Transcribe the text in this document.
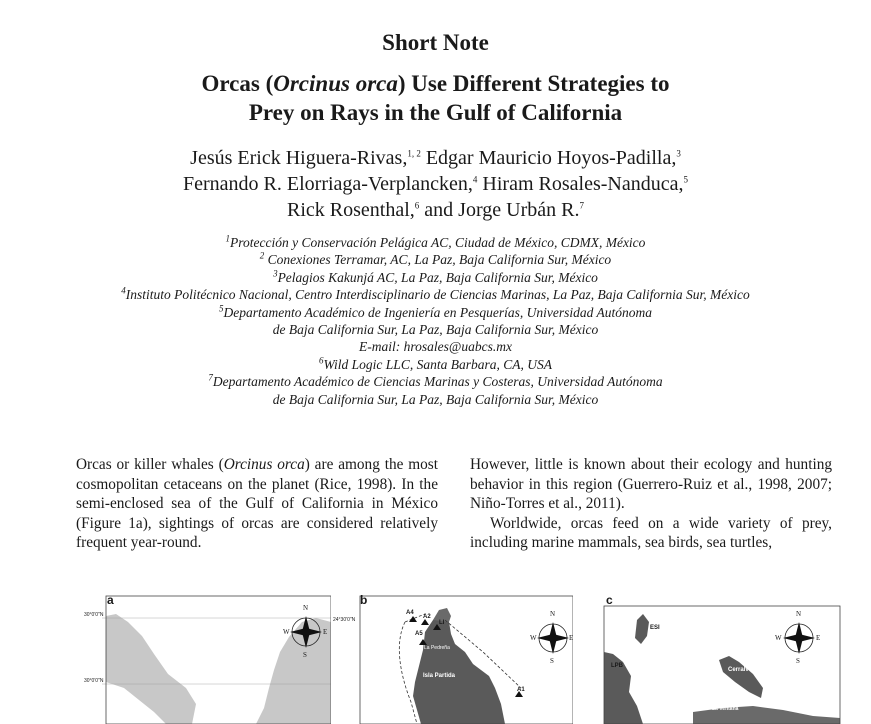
Short Note
Orcas (Orcinus orca) Use Different Strategies to
Prey on Rays in the Gulf of California
Jesús Erick Higuera-Rivas,$^{1, 2}$ Edgar Mauricio Hoyos-Padilla,$^3$
Fernando R. Elorriaga-Verplancken,$^4$ Hiram Rosales-Nanduca,$^5$
Rick Rosenthal,$^6$ and Jorge Urbán R.$^7$
$^1$Protección y Conservación Pelágica AC, Ciudad de México, CDMX, México
$^2$ Conexiones Terramar, AC, La Paz, Baja California Sur, México
$^3$Pelagios Kakunjá AC, La Paz, Baja California Sur, México
$^4$Instituto Politécnico Nacional, Centro Interdisciplinario de Ciencias Marinas, La Paz, Baja California Sur, México
$^5$Departamento Académico de Ingeniería en Pesquerías, Universidad Autónoma
de Baja California Sur, La Paz, Baja California Sur, México
E-mail: hrosales@uabcs.mx
$^6$Wild Logic LLC, Santa Barbara, CA, USA
$^7$Departamento Académico de Ciencias Marinas y Costeras, Universidad Autónoma
de Baja California Sur, La Paz, Baja California Sur, México

Orcas or killer whales (Orcinus orca) are among the most cosmopolitan cetaceans on the planet (Rice, 1998). In the semi-enclosed sea of the Gulf of California in México (Figure 1a), sightings of orcas are considered relatively frequent year-round.

However, little is known about their ecology and hunting behavior in this region (Guerrero-Ruiz et al., 1998, 2007; Niño-Torres et al., 2011).

Worldwide, orcas feed on a wide variety of prey, including marine mammals, sea birds, sea turtles,

a
30°0'0"N
30°0'0"N
N
S
W	E
b
24°30'0"N
A4
A2
LI
A5
A1
La Pedreña
Isla Partida
N
S
W	E
c
ESI
LPB
Cerralvo Island
La Ventana
N
S
W	E
